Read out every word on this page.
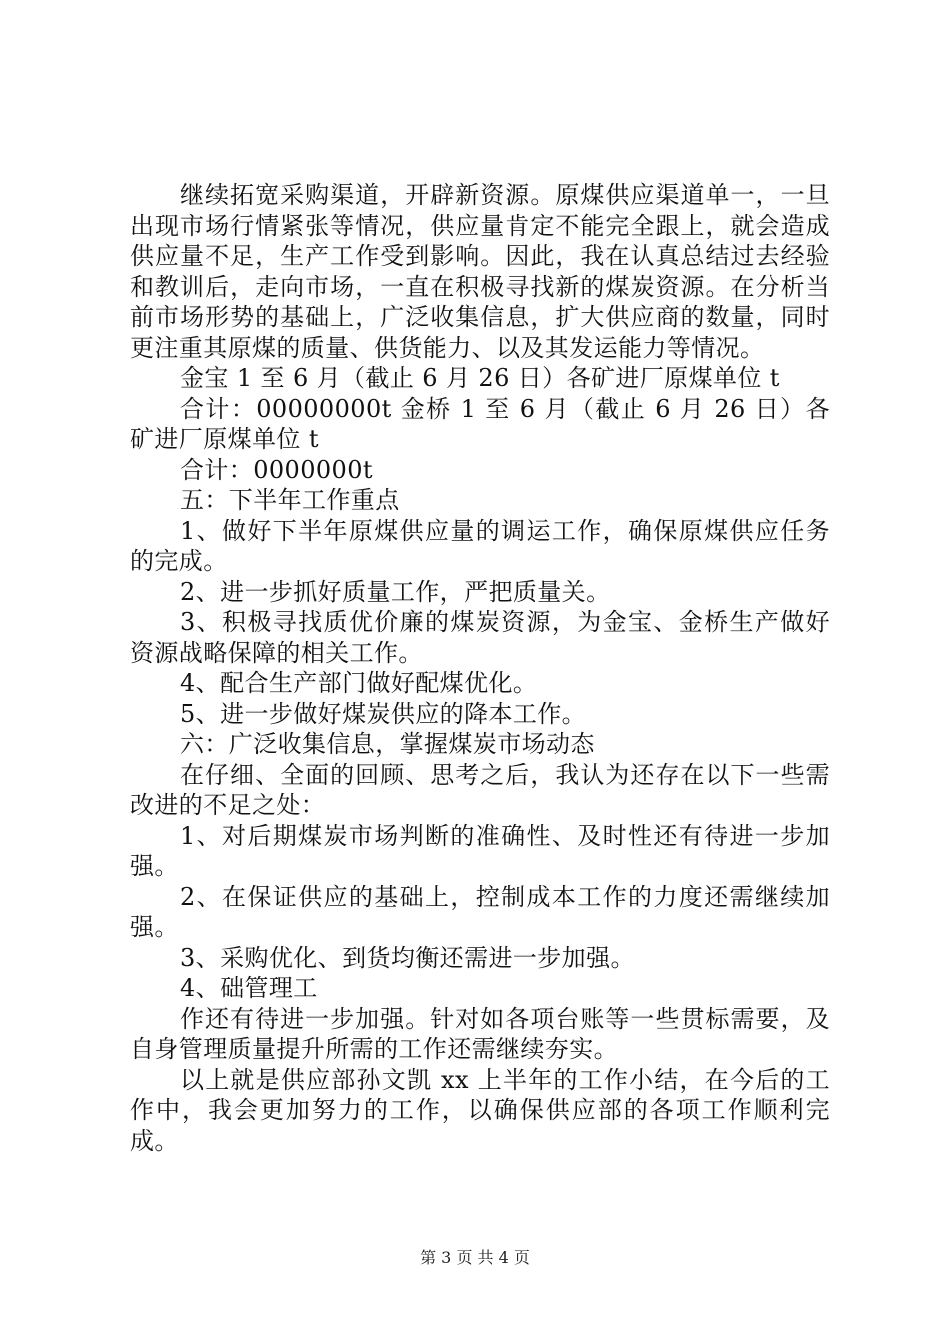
继续拓宽采购渠道，开辟新资源。原煤供应渠道单一，一旦出现市场行情紧张等情况，供应量肯定不能完全跟上，就会造成供应量不足，生产工作受到影响。因此，我在认真总结过去经验和教训后，走向市场，一直在积极寻找新的煤炭资源。在分析当前市场形势的基础上，广泛收集信息，扩大供应商的数量，同时更注重其原煤的质量、供货能力、以及其发运能力等情况。

金宝 1 至 6 月（截止 6 月 26 日）各矿进厂原煤单位 t

合计：00000000t 金桥 1 至 6 月（截止 6 月 26 日）各矿进厂原煤单位 t

合计：0000000t

五：下半年工作重点

1、做好下半年原煤供应量的调运工作，确保原煤供应任务的完成。

2、进一步抓好质量工作，严把质量关。

3、积极寻找质优价廉的煤炭资源，为金宝、金桥生产做好资源战略保障的相关工作。

4、配合生产部门做好配煤优化。

5、进一步做好煤炭供应的降本工作。

六：广泛收集信息，掌握煤炭市场动态

在仔细、全面的回顾、思考之后，我认为还存在以下一些需改进的不足之处：

1、对后期煤炭市场判断的准确性、及时性还有待进一步加强。

2、在保证供应的基础上，控制成本工作的力度还需继续加强。

3、采购优化、到货均衡还需进一步加强。

4、础管理工

作还有待进一步加强。针对如各项台账等一些贯标需要，及自身管理质量提升所需的工作还需继续夯实。

以上就是供应部孙文凯 xx 上半年的工作小结，在今后的工作中，我会更加努力的工作，以确保供应部的各项工作顺利完成。

第 3 页 共 4 页
